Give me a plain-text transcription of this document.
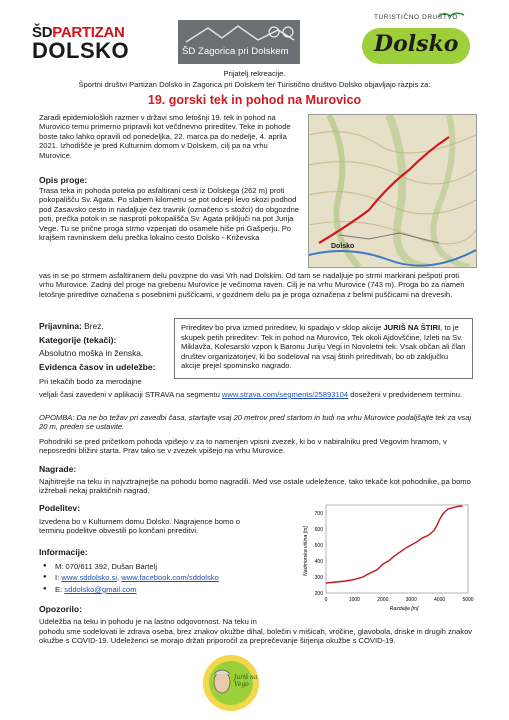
ŠDPARTIZAN
DOLSKO	ŠD Zagorica pri Dolskem
TURISTIČNO DRUŠTVO
Dolsko
Prijatelj rekreacije.
Športni društvi Partizan Dolsko in Zagorica pri Dolskem ter Turistično društvo Dolsko objavljajo razpis za:
19. gorski tek in pohod na Murovico
Zaradi epidemioloških razmer v državi smo letošnji 19. tek in pohod na Murovico temu primerno pripravili kot večdnevno prireditev. Teke in pohode boste tako lahko opravili od ponedeljka, 22. marca pa do nedelje, 4. aprila 2021. Izhodišče je pred Kulturnim domom v Dolskem, cilj pa na vrhu Murovice.
Opis proge:
Trasa teka in pohoda poteka po asfaltirani cesti iz Dolskega (262 m) proti pokopališču Sv. Agata. Po slabem kilometru se pot odcepi levo skozi podhod pod Zasavsko cesto in nadaljuje čez travnik (označeno s stožci) do obgozdne poti, prečka potok in se nasproti pokopališča Sv. Agata priključi na pot Jurija Vege. Tu se prične proga strmo vzpenjati do osamele hiše pri Gašperju. Po krajšem ravninskem delu prečka lokalno cesto Dolsko - Križevska
vas in se po strmem asfaltiranem delu povzpne do vasi Vrh nad Dolskim. Od tam se nadaljuje po strmi markirani pešpoti proti vrhu Murovice. Zadnji del proge na grebenu Murovice je večinoma raven. Cilj je na vrhu Murovice (743 m). Proga bo za namen letošnje prireditve označena s posebnimi puščicami, v gozdnem delu pa je proga označena z belimi puščicami na drevesih.
Dolsko
Prijavnina: Brez.
Kategorije (tekači):
Absolutno moška in ženska.
Prireditev bo prva izmed prireditev, ki spadajo v sklop akcije JURIŠ NA ŠTIRI, to je skupek petih prireditev: Tek in pohod na Murovico, Tek okoli Ajdovščine, Izleti na Sv. Miklavža, Kolesarski vzpon k Baronu Juriju Vegi in Novoletni tek. Vsak občan ali član društev organizatorjev, ki bo sodeloval na vsaj štirih prireditvah, bo ob zaključku akcije prejel spominsko nagrado.
Evidenca časov in udeležbe:
Pri tekačih bodo za merodajne
veljali časi zavedeni v aplikaciji STRAVA na segmentu www.strava.com/segments/25893104 doseženi v predvidenem terminu.
OPOMBA: Da ne bo težav pri zavedbi časa, startajte vsaj 20 metrov pred startom in tudi na vrhu Murovice podaljšajte tek za vsaj 20 m, preden se ustavite.
Pohodniki se pred pričetkom pohoda vpišejo v za to namenjen vpisni zvezek, ki bo v nabiralniku pred Vegovim hramom, v neposredni bližini starta. Prav tako se v zvezek vpišejo na vrhu Murovice.
Nagrade:
Najhitrejše na teku in najvztrajnejše na pohodu bomo nagradili. Med vse ostale udeležence, tako tekače kot pohodnike, pa bomo izžrebali nekaj praktičnih nagrad.
Podelitev:
Izvedena bo v Kulturnem domu Dolsko. Nagrajence bomo o terminu podelitve obvestili po končani prireditvi.
Informacije:
● M: 070/611 392, Dušan Bartelj
● I: www.sddolsko.si, www.facebook.com/sddolsko
● E: sddolsko@gmail.com
Opozorilo:
Udeležba na teku in pohodu je na lastno odgovornost. Na teku in
pohodu sme sodelovati le zdrava oseba, brez znakov okužbe dihal, bolečin v mišicah, vročine, glavobola, driske in drugih znakov okužbe s COVID-19. Udeleženci se morajo držati priporočil za preprečevanje širjenja okužbe s COVID-19.
200
300
400
500
600
700
0	1000	2000	3000	4000	5000
Razdalja [m]
Nadmorska višina [m]
Juriš na Vego
